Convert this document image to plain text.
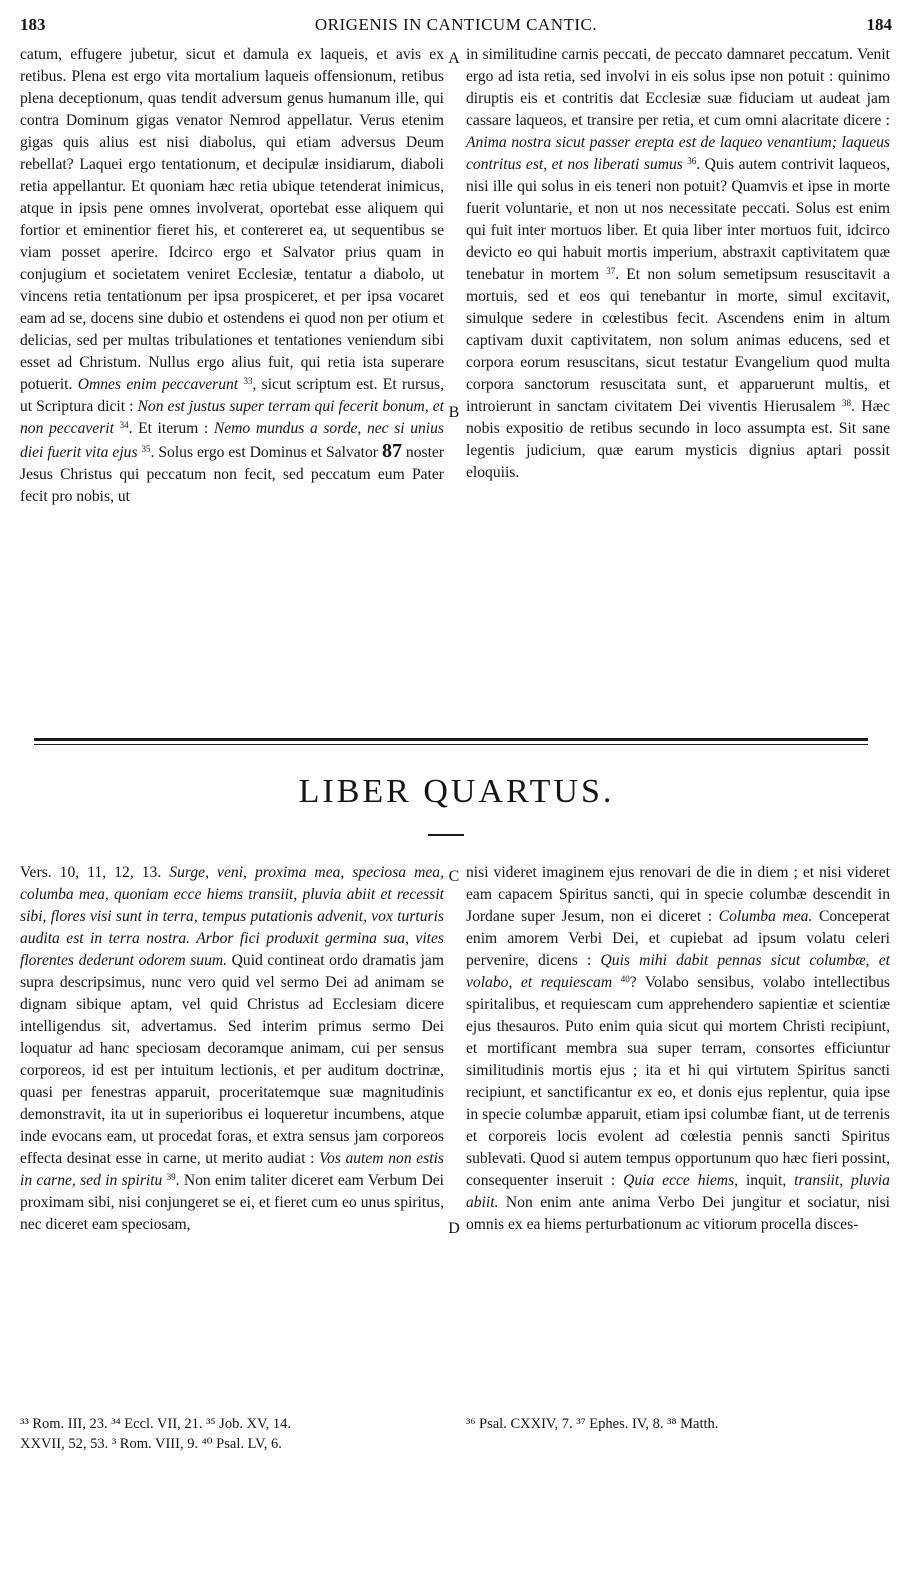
183	ORIGENIS IN CANTICUM CANTIC.	184

catum, effugere jubetur, sicut et damula ex laqueis, et avis ex retibus. Plena est ergo vita mortalium laqueis offensionum, retibus plena deceptionum, quas tendit adversum genus humanum ille, qui contra Dominum gigas venator Nemrod appellatur. Verus etenim gigas quis alius est nisi diabolus, qui etiam adversus Deum rebellat? Laquei ergo tentationum, et decipulæ insidiarum, diaboli retia appellantur. Et quoniam hæc retia ubique tetenderat inimicus, atque in ipsis pene omnes involverat, oportebat esse aliquem qui fortior et eminentior fieret his, et contereret ea, ut sequentibus se viam posset aperire. Idcirco ergo et Salvator prius quam in conjugium et societatem veniret Ecclesiæ, tentatur a diabolo, ut vincens retia tentationum per ipsa prospiceret, et per ipsa vocaret eam ad se, docens sine dubio et ostendens ei quod non per otium et delicias, sed per multas tribulationes et tentationes veniendum sibi esset ad Christum. Nullus ergo alius fuit, qui retia ista superare potuerit. Omnes enim peccaverunt $^{33}$, sicut scriptum est. Et rursus, ut Scriptura dicit : Non est justus super terram qui fecerit bonum, et non peccaverit $^{34}$. Et iterum : Nemo mundus a sorde, nec si unius diei fuerit vita ejus $^{35}$. Solus ergo est Dominus et Salvator 87 noster Jesus Christus qui peccatum non fecit, sed peccatum eum Pater fecit pro nobis, ut

A
B

in similitudine carnis peccati, de peccato damnaret peccatum. Venit ergo ad ista retia, sed involvi in eis solus ipse non potuit : quinimo diruptis eis et contritis dat Ecclesiæ suæ fiduciam ut audeat jam cassare laqueos, et transire per retia, et cum omni alacritate dicere : Anima nostra sicut passer erepta est de laqueo venantium; laqueus contritus est, et nos liberati sumus $^{36}$. Quis autem contrivit laqueos, nisi ille qui solus in eis teneri non potuit? Quamvis et ipse in morte fuerit voluntarie, et non ut nos necessitate peccati. Solus est enim qui fuit inter mortuos liber. Et quia liber inter mortuos fuit, idcirco devicto eo qui habuit mortis imperium, abstraxit captivitatem quæ tenebatur in mortem $^{37}$. Et non solum semetipsum resuscitavit a mortuis, sed et eos qui tenebantur in morte, simul excitavit, simulque sedere in cœlestibus fecit. Ascendens enim in altum captivam duxit captivitatem, non solum animas educens, sed et corpora eorum resuscitans, sicut testatur Evangelium quod multa corpora sanctorum resuscitata sunt, et apparuerunt multis, et introierunt in sanctam civitatem Dei viventis Hierusalem $^{38}$. Hæc nobis expositio de retibus secundo in loco assumpta est. Sit sane legentis judicium, quæ earum mysticis dignius aptari possit eloquiis.

LIBER QUARTUS.

Vers. 10, 11, 12, 13. Surge, veni, proxima mea, speciosa mea, columba mea, quoniam ecce hiems transiit, pluvia abiit et recessit sibi, flores visi sunt in terra, tempus putationis advenit, vox turturis audita est in terra nostra. Arbor fici produxit germina sua, vites florentes dederunt odorem suum. Quid contineat ordo dramatis jam supra descripsimus, nunc vero quid vel sermo Dei ad animam se dignam sibique aptam, vel quid Christus ad Ecclesiam dicere intelligendus sit, advertamus. Sed interim primus sermo Dei loquatur ad hanc speciosam decoramque animam, cui per sensus corporeos, id est per intuitum lectionis, et per auditum doctrinæ, quasi per fenestras apparuit, proceritatemque suæ magnitudinis demonstravit, ita ut in superioribus ei loqueretur incumbens, atque inde evocans eam, ut procedat foras, et extra sensus jam corporeos effecta desinat esse in carne, ut merito audiat : Vos autem non estis in carne, sed in spiritu $^{39}$. Non enim taliter diceret eam Verbum Dei proximam sibi, nisi conjungeret se ei, et fieret cum eo unus spiritus, nec diceret eam speciosam,

C
D

nisi videret imaginem ejus renovari de die in diem ; et nisi videret eam capacem Spiritus sancti, qui in specie columbæ descendit in Jordane super Jesum, non ei diceret : Columba mea. Conceperat enim amorem Verbi Dei, et cupiebat ad ipsum volatu celeri pervenire, dicens : Quis mihi dabit pennas sicut columbæ, et volabo, et requiescam $^{40}$? Volabo sensibus, volabo intellectibus spiritalibus, et requiescam cum apprehendero sapientiæ et scientiæ ejus thesauros. Puto enim quia sicut qui mortem Christi recipiunt, et mortificant membra sua super terram, consortes efficiuntur similitudinis mortis ejus ; ita et hi qui virtutem Spiritus sancti recipiunt, et sanctificantur ex eo, et donis ejus replentur, quia ipse in specie columbæ apparuit, etiam ipsi columbæ fiant, ut de terrenis et corporeis locis evolent ad cœlestia pennis sancti Spiritus sublevati. Quod si autem tempus opportunum quo hæc fieri possint, consequenter inseruit : Quia ecce hiems, inquit, transiit, pluvia abiit. Non enim ante anima Verbo Dei jungitur et sociatur, nisi omnis ex ea hiems perturbationum ac vitiorum procella disces-

³³ Rom. III, 23. ³⁴ Eccl. VII, 21. ³⁵ Job. XV, 14.
XXVII, 52, 53. ³ Rom. VIII, 9. ⁴⁰ Psal. LV, 6.
³⁶ Psal. CXXIV, 7. ³⁷ Ephes. IV, 8. ³⁸ Matth.
